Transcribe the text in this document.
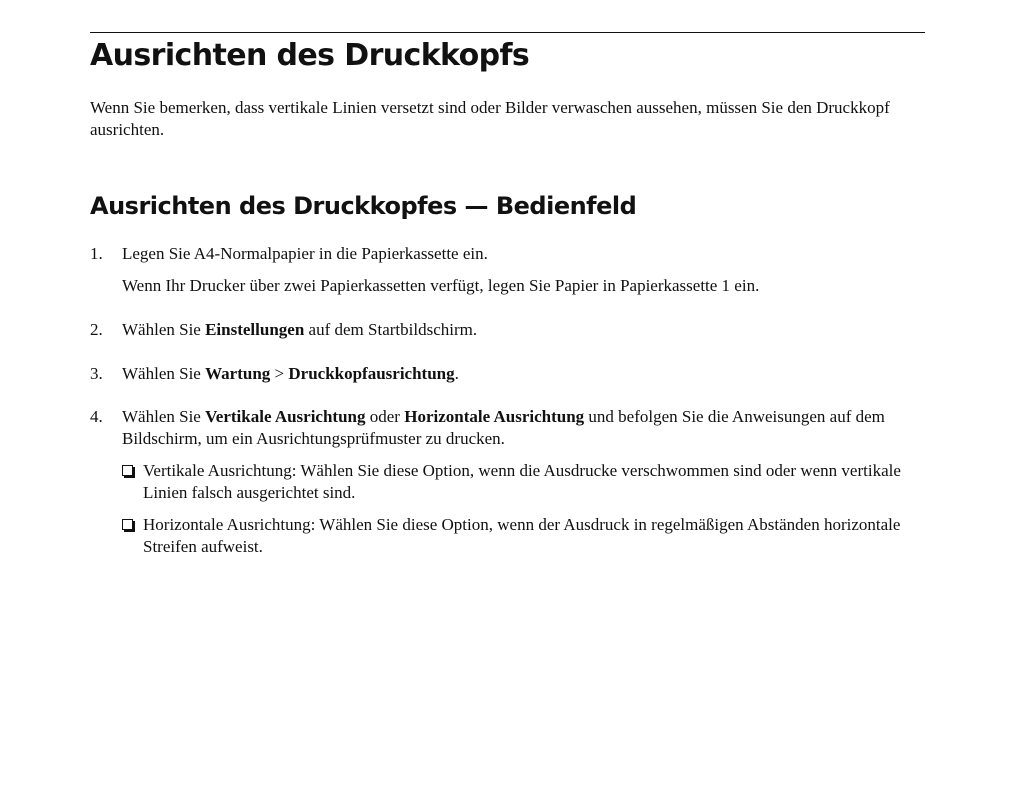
Ausrichten des Druckkopfs

Wenn Sie bemerken, dass vertikale Linien versetzt sind oder Bilder verwaschen aussehen, müssen Sie den Druckkopf ausrichten.

Ausrichten des Druckkopfes — Bedienfeld
1. Legen Sie A4-Normalpapier in die Papierkassette ein.

Wenn Ihr Drucker über zwei Papierkassetten verfügt, legen Sie Papier in Papierkassette 1 ein.

2. Wählen Sie Einstellungen auf dem Startbildschirm.

3. Wählen Sie Wartung > Druckkopfausrichtung.

4. Wählen Sie Vertikale Ausrichtung oder Horizontale Ausrichtung und befolgen Sie die Anweisungen auf dem Bildschirm, um ein Ausrichtungsprüfmuster zu drucken.

Vertikale Ausrichtung: Wählen Sie diese Option, wenn die Ausdrucke verschwommen sind oder wenn vertikale Linien falsch ausgerichtet sind.

Horizontale Ausrichtung: Wählen Sie diese Option, wenn der Ausdruck in regelmäßigen Abständen horizontale Streifen aufweist.
